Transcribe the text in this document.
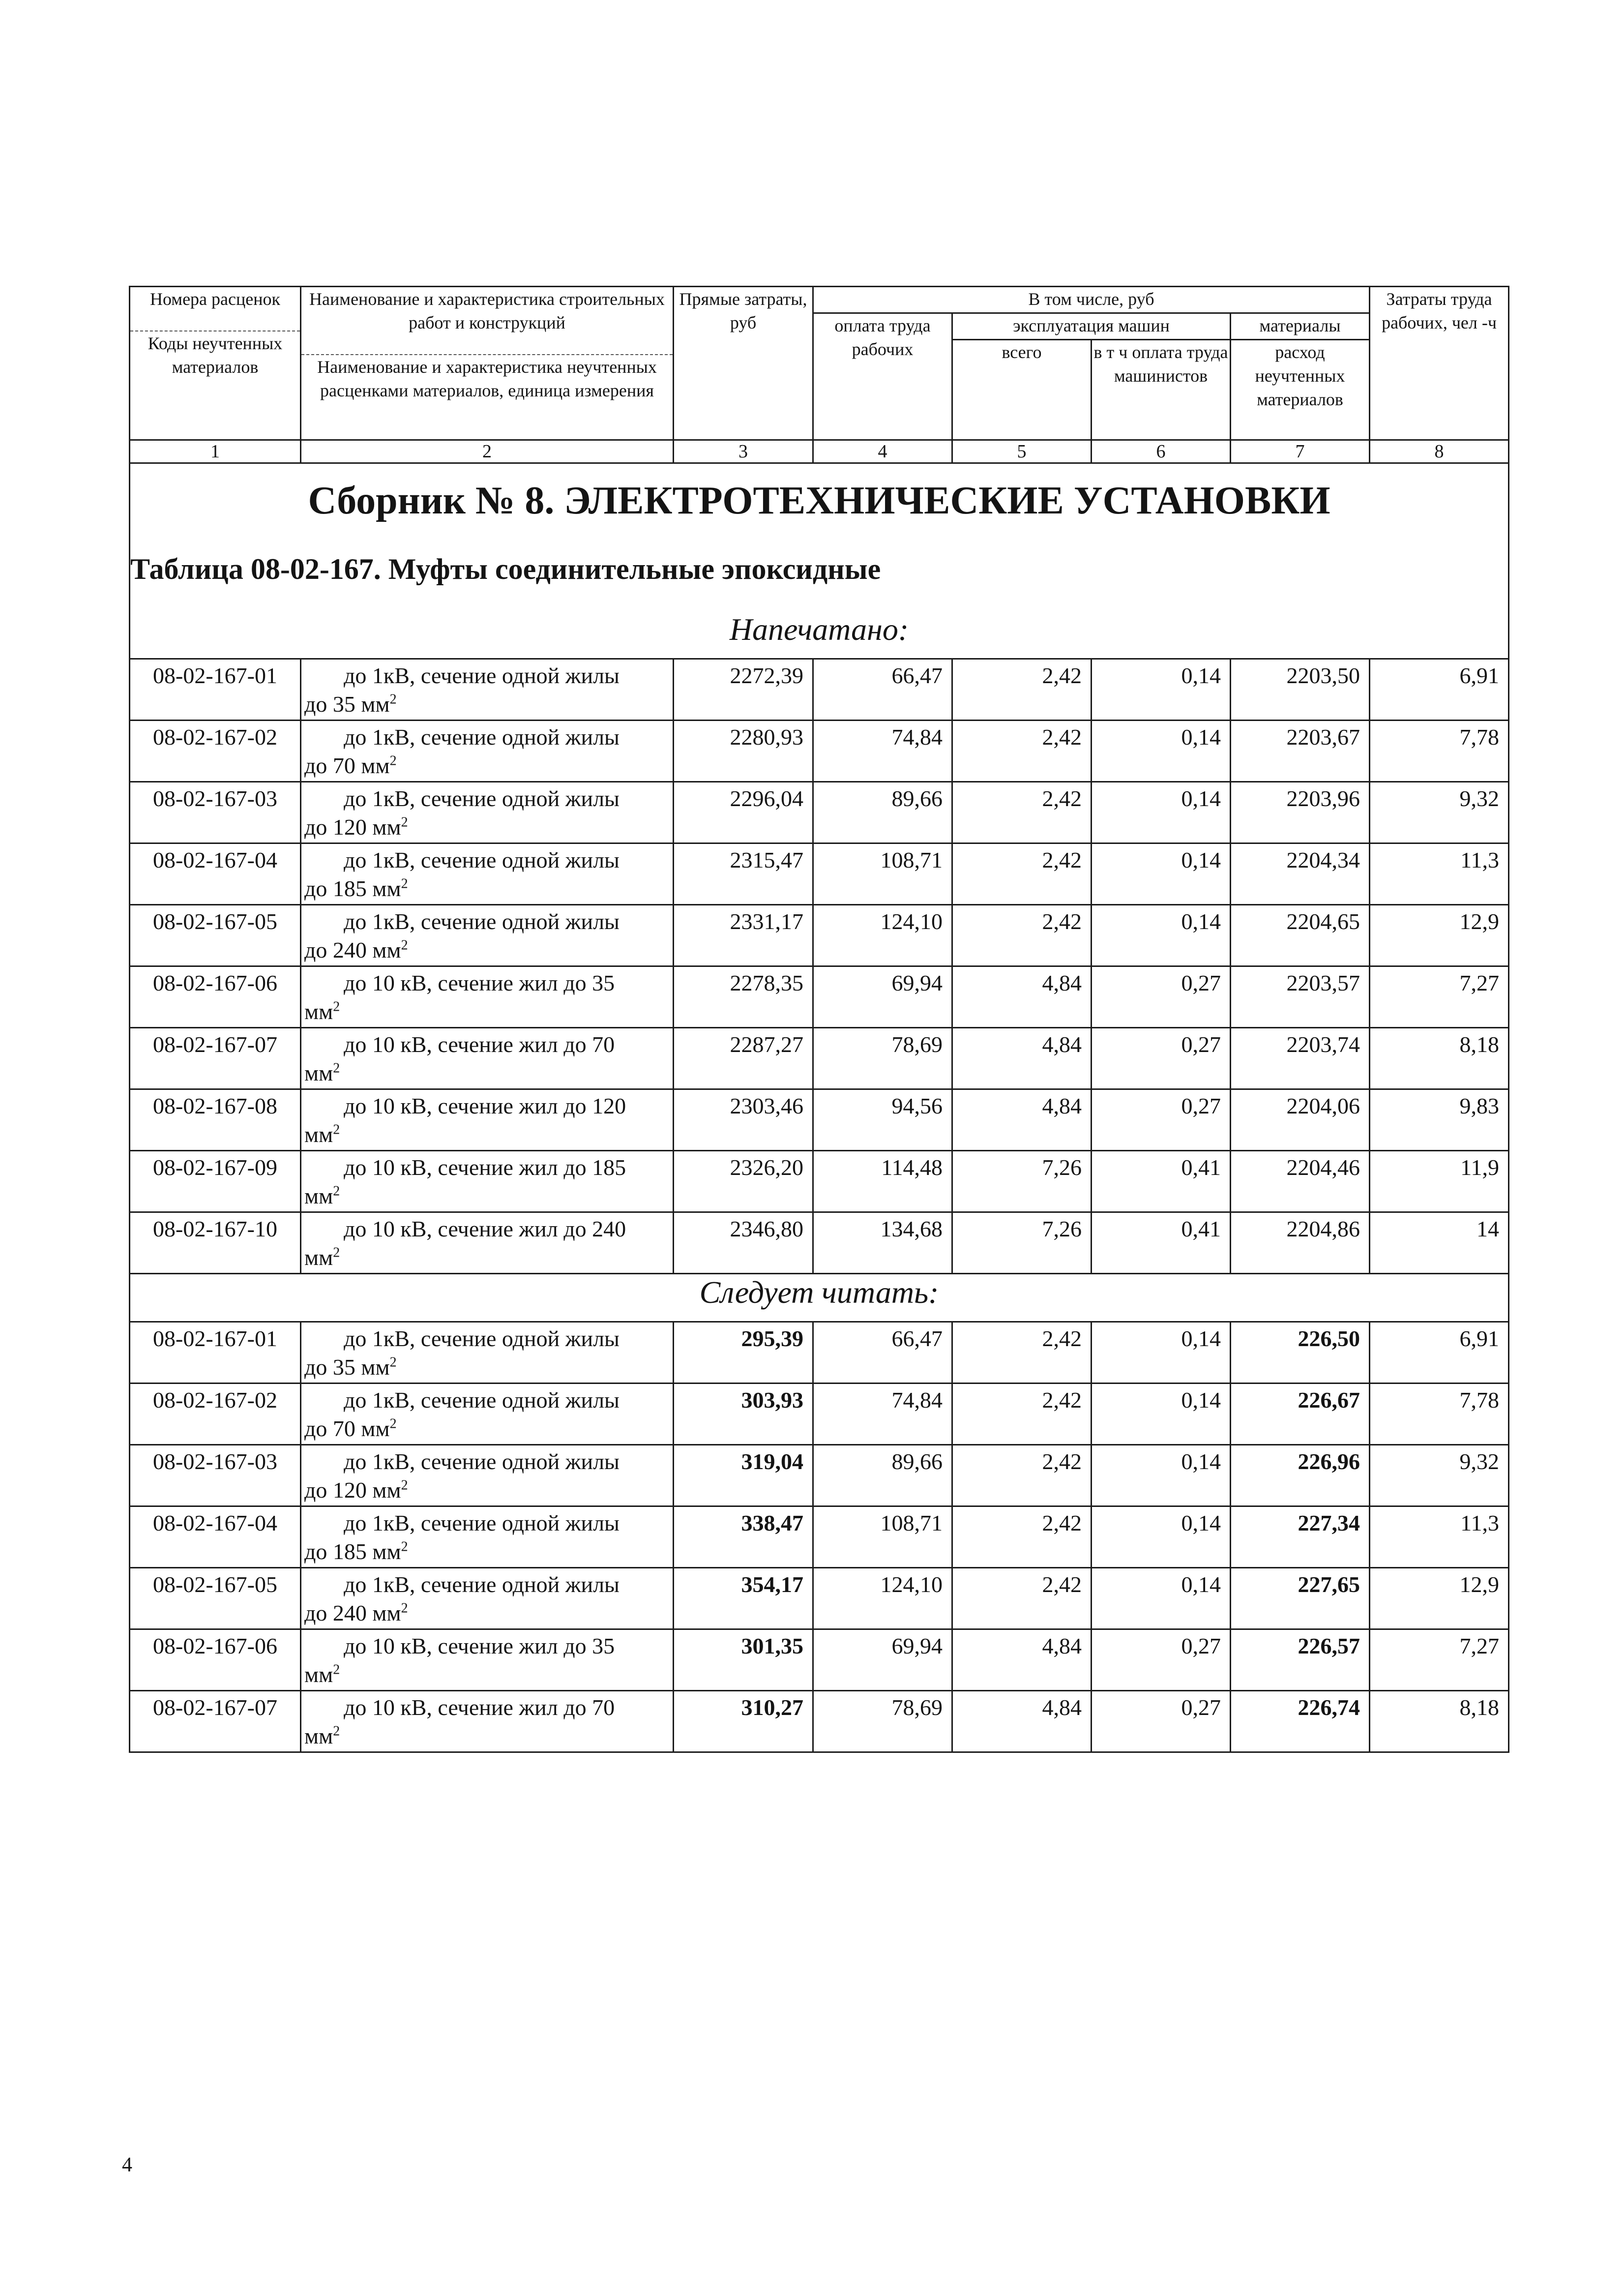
Номера расценок
Коды неучтенных материалов	Наименование и характеристика строительных работ и конструкций
Наименование и характеристика неучтенных расценками материалов, единица измерения	Прямые затраты, руб	В том числе, руб				Затраты труда рабочих, чел -ч
			оплата труда рабочих	эксплуатация машин		материалы	
				всего	в т ч оплата труда машинистов	расход неучтенных материалов	
1	2	3	4	5	6	7	8

Сборник № 8. ЭЛЕКТРОТЕХНИЧЕСКИЕ УСТАНОВКИ							
Таблица 08-02-167. Муфты соединительные эпоксидные							
Напечатано:							
08-02-167-01	до 1кВ, сечение одной жилы
до 35 $мм^2$	2272,39	66,47	2,42	0,14	2203,50	6,91
08-02-167-02	до 1кВ, сечение одной жилы
до 70 $мм^2$	2280,93	74,84	2,42	0,14	2203,67	7,78
08-02-167-03	до 1кВ, сечение одной жилы
до 120 $мм^2$	2296,04	89,66	2,42	0,14	2203,96	9,32
08-02-167-04	до 1кВ, сечение одной жилы
до 185 $мм^2$	2315,47	108,71	2,42	0,14	2204,34	11,3
08-02-167-05	до 1кВ, сечение одной жилы
до 240 $мм^2$	2331,17	124,10	2,42	0,14	2204,65	12,9
08-02-167-06	до 10 кВ, сечение жил до 35
$мм^2$	2278,35	69,94	4,84	0,27	2203,57	7,27
08-02-167-07	до 10 кВ, сечение жил до 70
$мм^2$	2287,27	78,69	4,84	0,27	2203,74	8,18
08-02-167-08	до 10 кВ, сечение жил до 120
$мм^2$	2303,46	94,56	4,84	0,27	2204,06	9,83
08-02-167-09	до 10 кВ, сечение жил до 185
$мм^2$	2326,20	114,48	7,26	0,41	2204,46	11,9
08-02-167-10	до 10 кВ, сечение жил до 240
$мм^2$	2346,80	134,68	7,26	0,41	2204,86	14
Следует читать:							
08-02-167-01	до 1кВ, сечение одной жилы
до 35 $мм^2$	295,39	66,47	2,42	0,14	226,50	6,91
08-02-167-02	до 1кВ, сечение одной жилы
до 70 $мм^2$	303,93	74,84	2,42	0,14	226,67	7,78
08-02-167-03	до 1кВ, сечение одной жилы
до 120 $мм^2$	319,04	89,66	2,42	0,14	226,96	9,32
08-02-167-04	до 1кВ, сечение одной жилы
до 185 $мм^2$	338,47	108,71	2,42	0,14	227,34	11,3
08-02-167-05	до 1кВ, сечение одной жилы
до 240 $мм^2$	354,17	124,10	2,42	0,14	227,65	12,9
08-02-167-06	до 10 кВ, сечение жил до 35
$мм^2$	301,35	69,94	4,84	0,27	226,57	7,27
08-02-167-07	до 10 кВ, сечение жил до 70
$мм^2$	310,27	78,69	4,84	0,27	226,74	8,18
4
